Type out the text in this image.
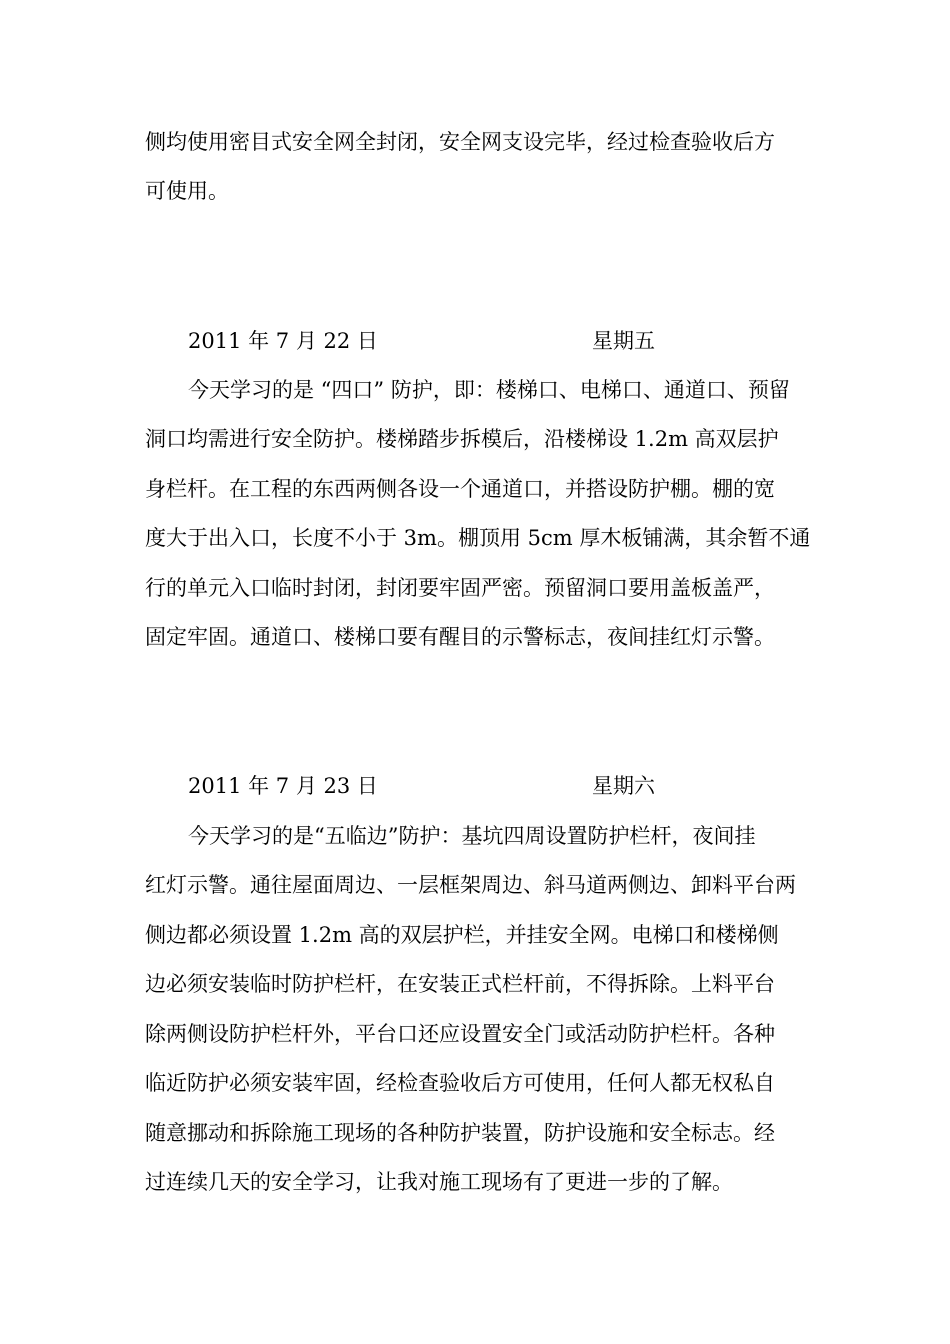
侧均使用密目式安全网全封闭，安全网支设完毕，经过检查验收后方
可使用。
2011 年 7 月 22 日	星期五
今天学习的是 “四口” 防护，即：楼梯口、电梯口、通道口、预留
洞口均需进行安全防护。楼梯踏步拆模后，沿楼梯设 1.2m 高双层护
身栏杆。在工程的东西两侧各设一个通道口，并搭设防护棚。棚的宽
度大于出入口，长度不小于 3m。棚顶用 5cm 厚木板铺满，其余暂不通
行的单元入口临时封闭，封闭要牢固严密。预留洞口要用盖板盖严，
固定牢固。通道口、楼梯口要有醒目的示警标志，夜间挂红灯示警。
2011 年 7 月 23 日	星期六
今天学习的是“五临边”防护：基坑四周设置防护栏杆，夜间挂
红灯示警。通往屋面周边、一层框架周边、斜马道两侧边、卸料平台两
侧边都必须设置 1.2m 高的双层护栏，并挂安全网。电梯口和楼梯侧
边必须安装临时防护栏杆，在安装正式栏杆前，不得拆除。上料平台
除两侧设防护栏杆外，平台口还应设置安全门或活动防护栏杆。各种
临近防护必须安装牢固，经检查验收后方可使用，任何人都无权私自
随意挪动和拆除施工现场的各种防护装置，防护设施和安全标志。经
过连续几天的安全学习，让我对施工现场有了更进一步的了解。
